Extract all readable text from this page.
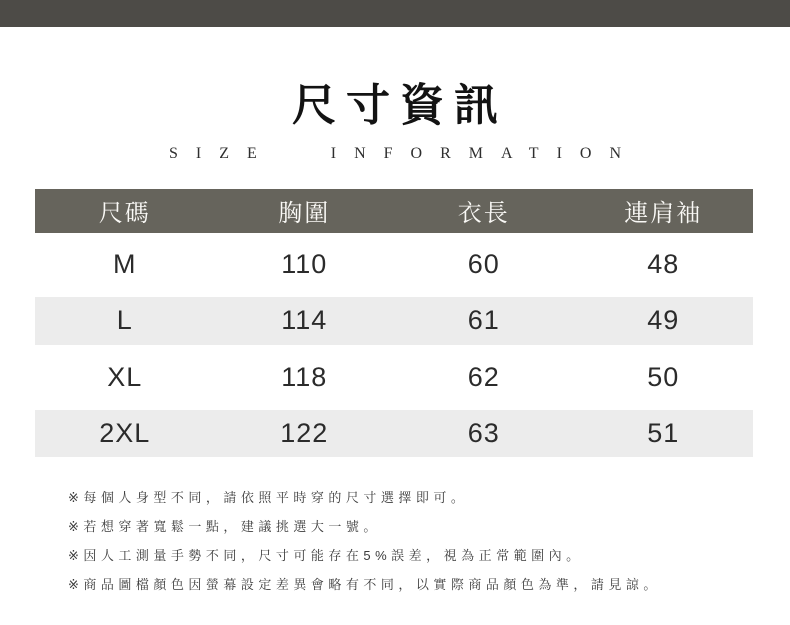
尺寸資訊
SIZE INFORMATION
尺碼	胸圍	衣長	連肩袖
M	110	60	48
L	114	61	49
XL	118	62	50
2XL	122	63	51
※每個人身型不同，請依照平時穿的尺寸選擇即可。
※若想穿著寬鬆一點，建議挑選大一號。
※因人工測量手勢不同，尺寸可能存在5%誤差，視為正常範圍內。
※商品圖檔顏色因螢幕設定差異會略有不同，以實際商品顏色為準，請見諒。
